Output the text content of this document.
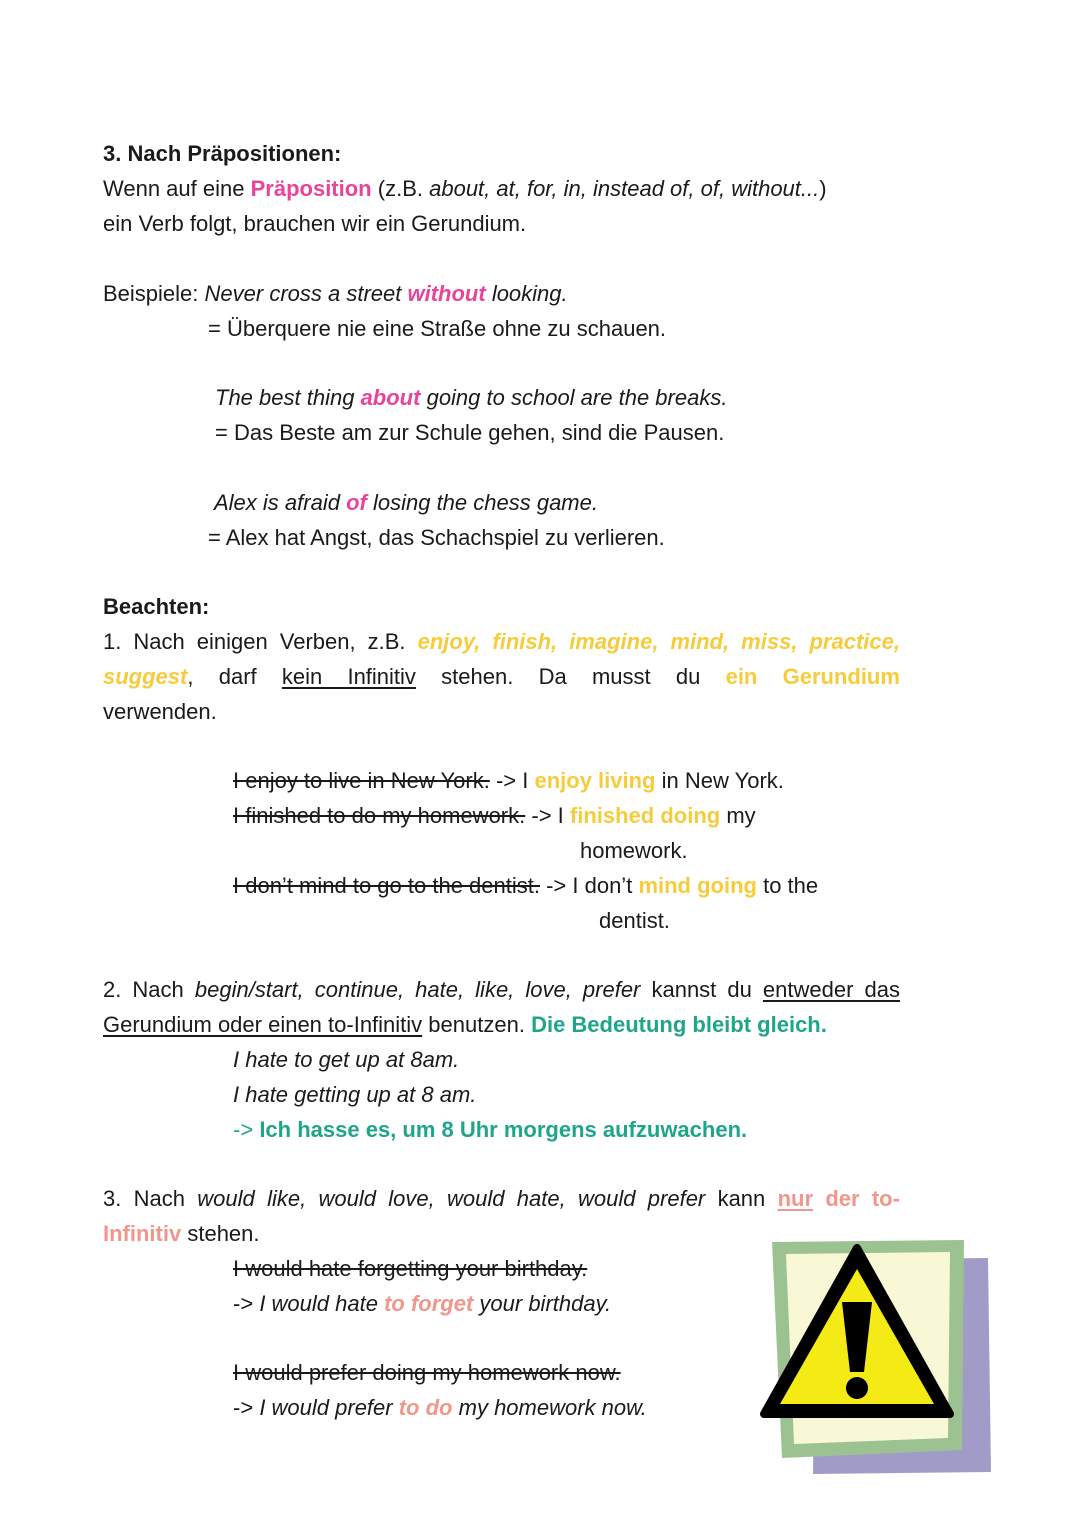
3. Nach Präpositionen:
Wenn auf eine Präposition (z.B. about, at, for, in, instead of, of, without...)
ein Verb folgt, brauchen wir ein Gerundium.
Beispiele: Never cross a street without looking.
= Überquere nie eine Straße ohne zu schauen.
The best thing about going to school are the breaks.
= Das Beste am zur Schule gehen, sind die Pausen.
Alex is afraid of losing the chess game.
= Alex hat Angst, das Schachspiel zu verlieren.
Beachten:
1. Nach einigen Verben, z.B. enjoy, finish, imagine, mind, miss, practice,
suggest, darf kein Infinitiv stehen. Da musst du ein Gerundium
verwenden.
I enjoy to live in New York. -> I enjoy living in New York.
I finished to do my homework. -> I finished doing my
homework.
I don’t mind to go to the dentist. -> I don’t mind going to the
dentist.
2. Nach begin/start, continue, hate, like, love, prefer kannst du entweder das
Gerundium oder einen to-Infinitiv benutzen. Die Bedeutung bleibt gleich.
I hate to get up at 8am.
I hate getting up at 8 am.
-> Ich hasse es, um 8 Uhr morgens aufzuwachen.
3. Nach would like, would love, would hate, would prefer kann nur der to-
Infinitiv stehen.
I would hate forgetting your birthday.
-> I would hate to forget your birthday.
I would prefer doing my homework now.
-> I would prefer to do my homework now.
